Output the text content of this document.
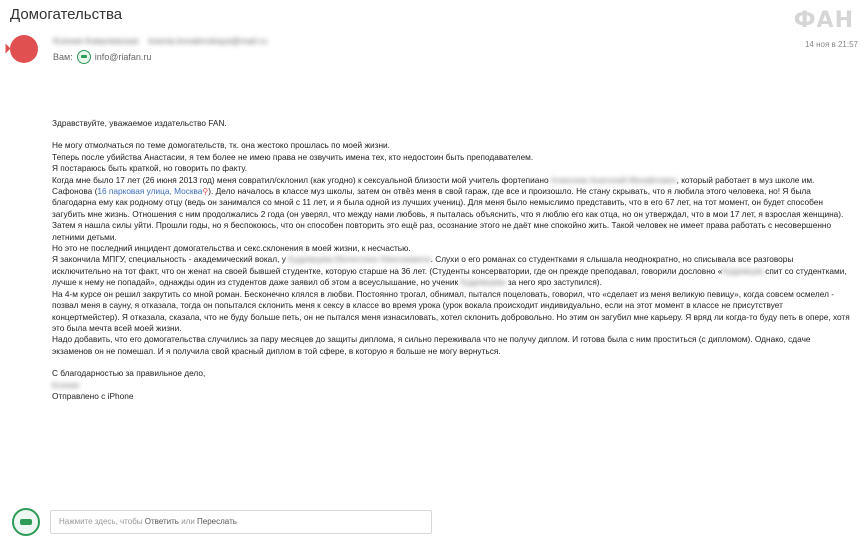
Домогательства	ФАН
Ксения Ковалевская ksenia.kovalevskaya@mail.ru
Вам: info@riafan.ru
14 ноя в 21:57

Здравствуйте, уважаемое издательство FAN.

Не могу отмолчаться по теме домогательств, тк. она жестоко прошлась по моей жизни.

Теперь после убийства Анастасии, я тем более не имею права не озвучить имена тех, кто недостоин быть преподавателем.

Я постараюсь быть краткой, но говорить по факту.

Когда мне было 17 лет (26 июня 2013 год) меня совратил/склонил (как угодно) к сексуальной близости мой учитель фортепиано Алексеев Анатолий Михайлович, который работает в муз школе им. Сафонова (16 парковая улица, Москва⚲). Дело началось в классе муз школы, затем он отвёз меня в свой гараж, где все и произошло. Не стану скрывать, что я любила этого человека, но! Я была благодарна ему как родному отцу (ведь он занимался со мной с 11 лет, и я была одной из лучших учениц). Для меня было немыслимо представить, что в его 67 лет, на тот момент, он будет способен загубить мне жизнь. Отношения с ним продолжались 2 года (он уверял, что между нами любовь, я пыталась объяснить, что я люблю его как отца, но он утверждал, что в мои 17 лет, я взрослая женщина). Затем я нашла силы уйти. Прошли годы, но я беспокоюсь, что он способен повторить это ещё раз, осознание этого не даёт мне спокойно жить. Такой человек не имеет права работать с несовершенно летними детьми.

Но это не последний инцидент домогательства и секс.склонения в моей жизни, к несчастью.

Я закончила МПГУ, специальность - академический вокал, у Кудрявцева Валентина Николаевича. Слухи о его романах со студентками я слышала неоднократно, но списывала все разговоры исключительно на тот факт, что он женат на своей бывшей студентке, которую старше на 36 лет. (Студенты консерватории, где он прежде преподавал, говорили дословно «Кудрявцев спит со студентками, лучше к нему не попадай», однажды один из студентов даже заявил об этом а всеуслышание, но ученик Кудрявцева за него яро заступился).

На 4-м курсе он решил закрутить со мной роман. Бесконечно клялся в любви. Постоянно трогал, обнимал, пытался поцеловать, говорил, что «сделает из меня великую певицу», когда совсем осмелел - позвал меня в сауну, я отказала, тогда он попытался склонить меня к сексу в классе во время урока (урок вокала происходит индивидуально, если на этот момент в классе не присутствует концертмейстер). Я отказала, сказала, что не буду больше петь, он не пытался меня изнасиловать, хотел склонить добровольно. Но этим он загубил мне карьеру. Я вряд ли когда-то буду петь в опере, хотя это была мечта всей моей жизни.

Надо добавить, что его домогательства случились за пару месяцев до защиты диплома, я сильно переживала что не получу диплом. И готова была с ним проститься (с дипломом). Однако, сдаче экзаменов он не помешал. И я получила свой красный диплом в той сфере, в которую я больше не могу вернуться.

С благодарностью за правильное дело,

Ксения

Отправлено с iPhone

Нажмите здесь, чтобы Ответить или Переслать
